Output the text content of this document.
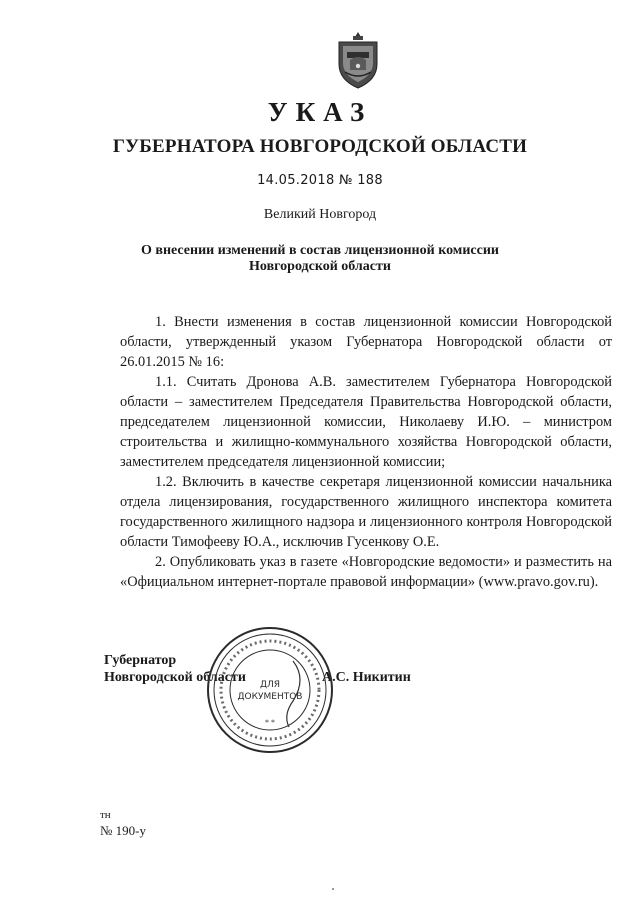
УКАЗ
ГУБЕРНАТОРА НОВГОРОДСКОЙ ОБЛАСТИ
14.05.2018 № 188
Великий Новгород
О внесении изменений в состав лицензионной комиссии
Новгородской области

1. Внести изменения в состав лицензионной комиссии Новгородской области, утвержденный указом Губернатора Новгородской области от 26.01.2015 № 16:

1.1. Считать Дронова А.В. заместителем Губернатора Новгородской области – заместителем Председателя Правительства Новгородской области, председателем лицензионной комиссии, Николаеву И.Ю. – министром строительства и жилищно-коммунального хозяйства Новгородской области, заместителем председателя лицензионной комиссии;

1.2. Включить в качестве секретаря лицензионной комиссии начальника отдела лицензирования, государственного жилищного инспектора комитета государственного жилищного надзора и лицензионного контроля Новгородской области Тимофееву Ю.А., исключив Гусенкову О.Е.

2. Опубликовать указ в газете «Новгородские ведомости» и разместить на «Официальном интернет-портале правовой информации» (www.pravo.gov.ru).

Губернатор
Новгородской области	А.С. Никитин
ДЛЯ
ДОКУМЕНТОВ
* *
тн
№ 190-у
